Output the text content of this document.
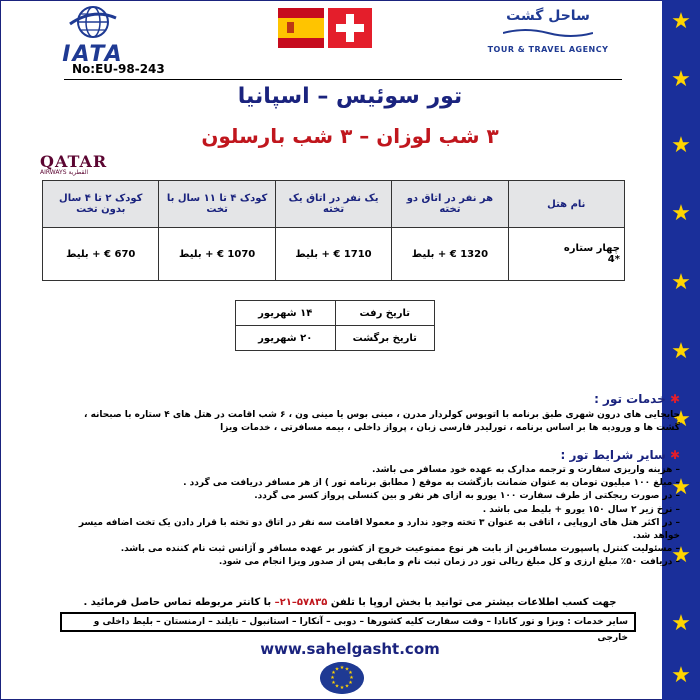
★
★
★
★
★
★
★
★
★
★
★
IATA
ساحل گشت
TOUR & TRAVEL AGENCY
No:EU-98-243
تور سوئیس – اسپانیا
۳ شب لوزان – ۳ شب بارسلون
QATAR
AIRWAYS القطرية
نام هتل	هر نفر در اتاق دو تخته	یک نفر در اتاق یک تخته	کودک ۴ تا ۱۱ سال با تخت	کودک ۲ تا ۴ سال بدون تخت
چهار ستاره  *4	1320 € + بلیط	1710 € + بلیط	1070 € + بلیط	670 € + بلیط
تاریخ رفت	۱۴ شهریور
تاریخ برگشت	۲۰ شهریور
✱ خدمات تور :

جابجایی های درون شهری طبق برنامه با اتوبوس کولردار مدرن ، مینی بوس یا مینی ون ، ۶ شب اقامت در هتل های ۴ ستاره با صبحانه ،

گشت ها و ورودیه ها بر اساس برنامه ، تورلیدر فارسی زبان ، پرواز داخلی ، بیمه مسافرتی ، خدمات ویزا

✱ سایر شرایط تور :

– هزینه واریزی سفارت و ترجمه مدارک به عهده خود مسافر می باشد.

– مبلغ ۱۰۰ میلیون تومان به عنوان ضمانت بازگشت به موقع ( مطابق برنامه تور ) از هر مسافر دریافت می گردد .

– در صورت ریجکتی از طرف سفارت ۱۰۰ یورو به ازای هر نفر و بین کنسلی پرواز کسر می گردد.

– نرخ زیر ۲ سال ۱۵۰ یورو + بلیط می باشد .

– در اکثر هتل های اروپایی ، اتاقی به عنوان ۳ تخته وجود ندارد و معمولا اقامت سه نفر در اتاق دو تخته با قرار دادن یک تخت اضافه میسر خواهد شد.

– مسئولیت کنترل پاسپورت مسافرین از بابت هر نوع ممنوعیت خروج از کشور بر عهده مسافر و آژانس ثبت نام کننده می باشد.

– دریافت ۵۰٪ مبلغ ارزی و کل مبلغ ریالی تور در زمان ثبت نام و مابقی پس از صدور ویزا انجام می شود.

جهت کسب اطلاعات بیشتر می توانید با بخش اروپا با تلفن ۵۷۸۳۵–۲۱– با کانتر مربوطه تماس حاصل فرمائید .
سایر خدمات : ویزا و تور کانادا – وقت سفارت کلیه کشورها – دوبی – آنکارا – استانبول – تایلند – ارمنستان – بلیط داخلی و خارجی
www.sahelgasht.com
★ ★
★
★
★
★
★
★
★
★
★
★
